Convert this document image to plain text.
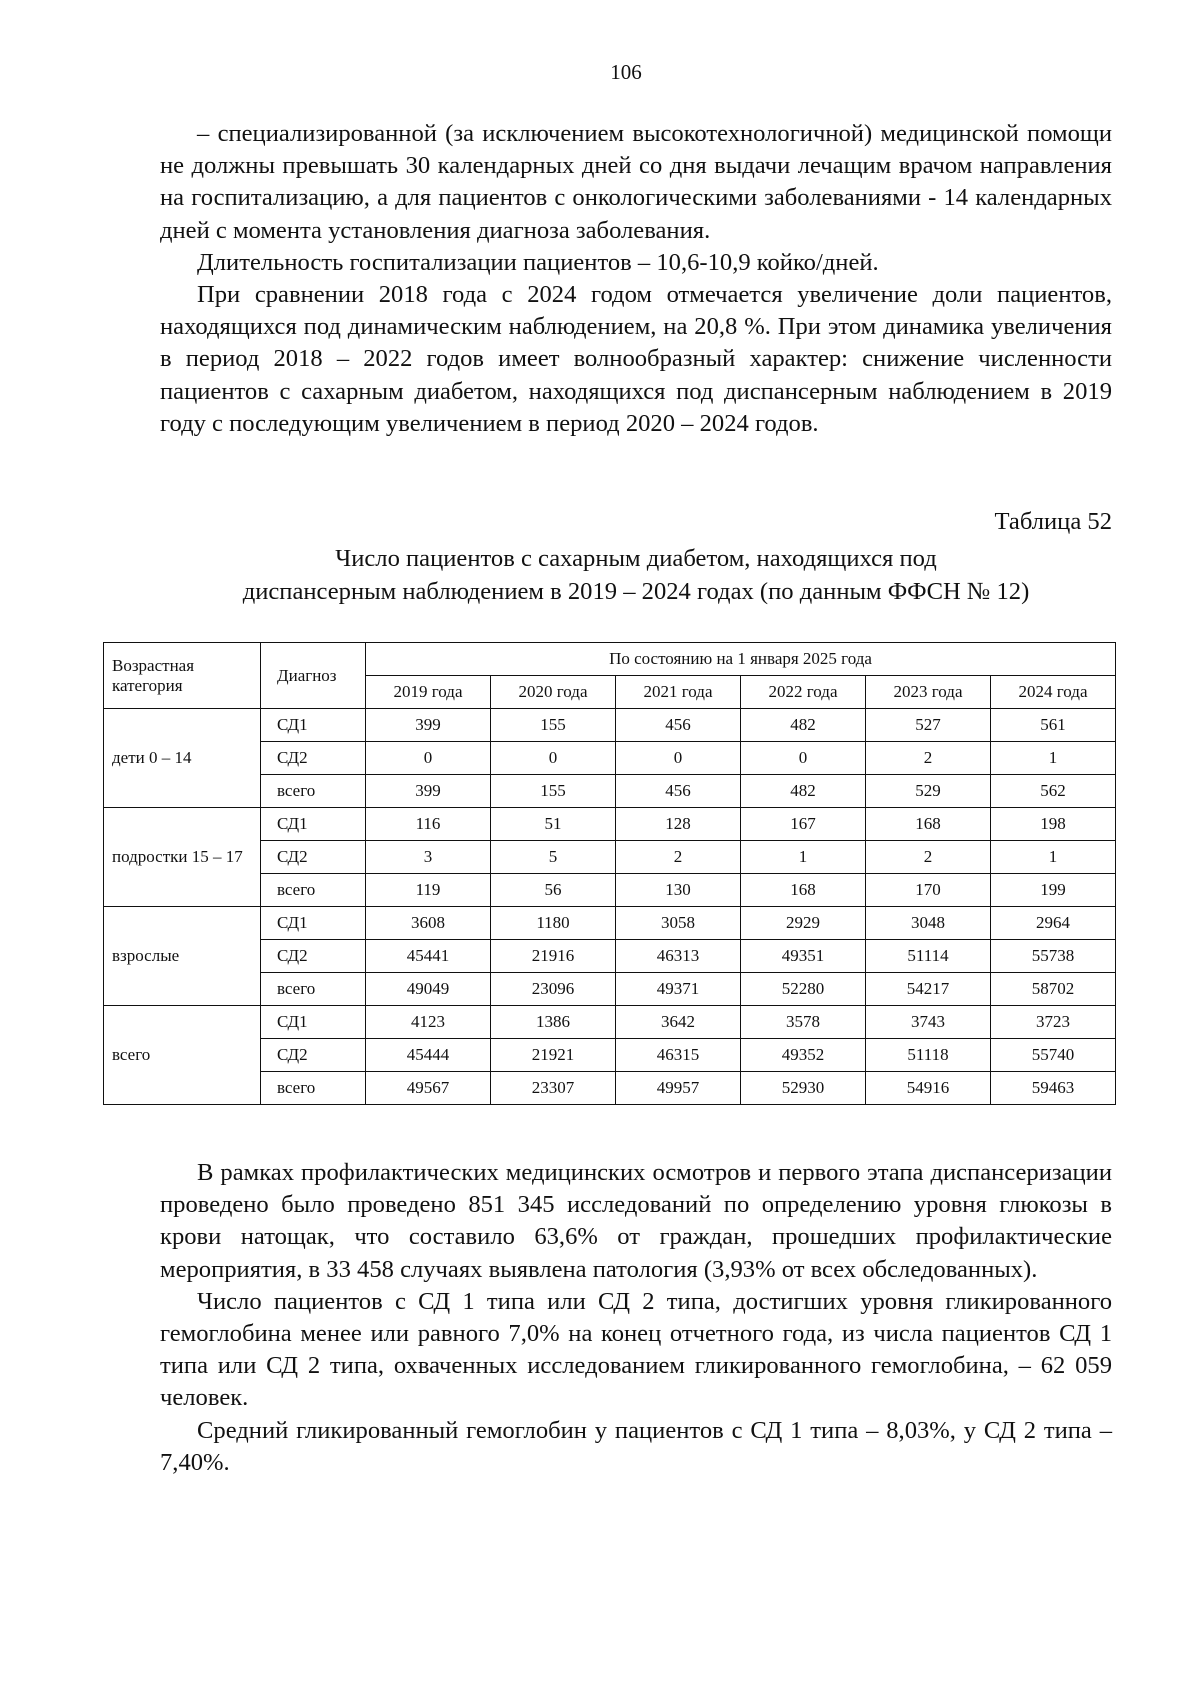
106

– специализированной (за исключением высокотехнологичной) медицинской помощи не должны превышать 30 календарных дней со дня выдачи лечащим врачом направления на госпитализацию, а для пациентов с онкологическими заболеваниями - 14 календарных дней с момента установления диагноза заболевания.

Длительность госпитализации пациентов – 10,6-10,9 койко/дней.

При сравнении 2018 года с 2024 годом отмечается увеличение доли пациентов, находящихся под динамическим наблюдением, на 20,8 %. При этом динамика увеличения в период 2018 – 2022 годов имеет волнообразный характер: снижение численности пациентов с сахарным диабетом, находящихся под диспансерным наблюдением в 2019 году с последующим увеличением в период 2020 – 2024 годов.

Таблица 52
Число пациентов с сахарным диабетом, находящихся под
диспансерным наблюдением в 2019 – 2024 годах (по данным ФФСН № 12)
Возрастная категория	Диагноз	По состоянию на 1 января 2025 года					
		2019 года	2020 года	2021 года	2022 года	2023 года	2024 года
дети 0 – 14	СД1	399	155	456	482	527	561
	СД2	0	0	0	0	2	1
	всего	399	155	456	482	529	562
подростки 15 – 17	СД1	116	51	128	167	168	198
	СД2	3	5	2	1	2	1
	всего	119	56	130	168	170	199
взрослые	СД1	3608	1180	3058	2929	3048	2964
	СД2	45441	21916	46313	49351	51114	55738
	всего	49049	23096	49371	52280	54217	58702
всего	СД1	4123	1386	3642	3578	3743	3723
	СД2	45444	21921	46315	49352	51118	55740
	всего	49567	23307	49957	52930	54916	59463

В рамках профилактических медицинских осмотров и первого этапа диспансеризации проведено было проведено 851 345 исследований по определению уровня глюкозы в крови натощак, что составило 63,6% от граждан, прошедших профилактические мероприятия, в 33 458 случаях выявлена патология (3,93% от всех обследованных).

Число пациентов с СД 1 типа или СД 2 типа, достигших уровня гликированного гемоглобина менее или равного 7,0% на конец отчетного года, из числа пациентов СД 1 типа или СД 2 типа, охваченных исследованием гликированного гемоглобина, – 62 059 человек.

Средний гликированный гемоглобин у пациентов с СД 1 типа – 8,03%, у СД 2 типа – 7,40%.
